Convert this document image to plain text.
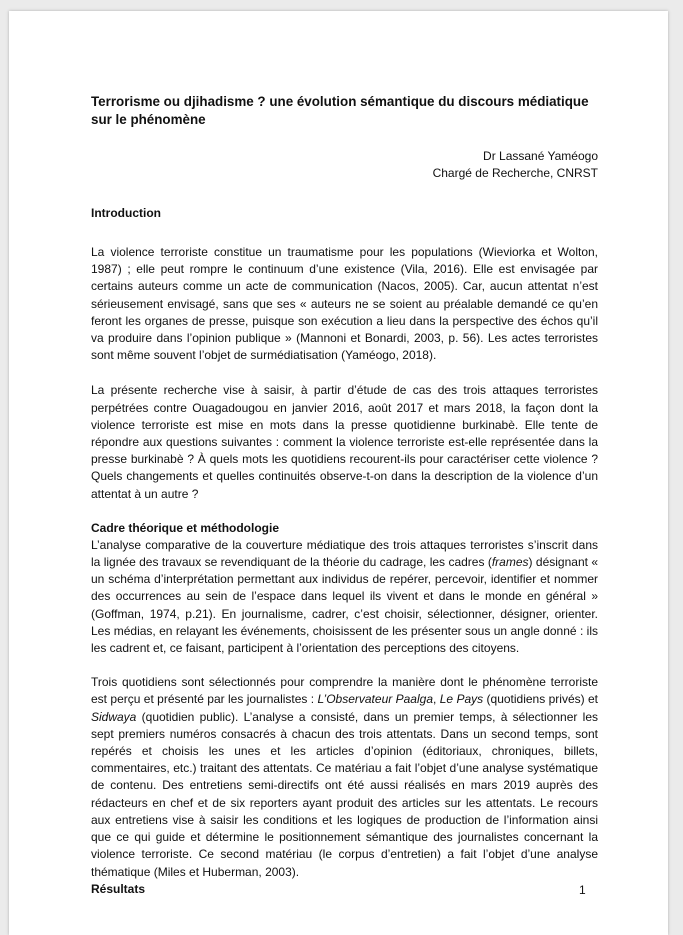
Terrorisme ou djihadisme ? une évolution sémantique du discours médiatique sur le phénomène
Dr Lassané Yaméogo
Chargé de Recherche, CNRST
Introduction

La violence terroriste constitue un traumatisme pour les populations (Wieviorka et Wolton, 1987) ; elle peut rompre le continuum d’une existence (Vila, 2016). Elle est envisagée par certains auteurs comme un acte de communication (Nacos, 2005). Car, aucun attentat n’est sérieusement envisagé, sans que ses « auteurs ne se soient au préalable demandé ce qu’en feront les organes de presse, puisque son exécution a lieu dans la perspective des échos qu’il va produire dans l’opinion publique » (Mannoni et Bonardi, 2003, p. 56). Les actes terroristes sont même souvent l’objet de surmédiatisation (Yaméogo, 2018).

La présente recherche vise à saisir, à partir d’étude de cas des trois attaques terroristes perpétrées contre Ouagadougou en janvier 2016, août 2017 et mars 2018, la façon dont la violence terroriste est mise en mots dans la presse quotidienne burkinabè. Elle tente de répondre aux questions suivantes : comment la violence terroriste est-elle représentée dans la presse burkinabè ? À quels mots les quotidiens recourent-ils pour caractériser cette violence ? Quels changements et quelles continuités observe-t-on dans la description de la violence d’un attentat à un autre ?

Cadre théorique et méthodologie

L’analyse comparative de la couverture médiatique des trois attaques terroristes s’inscrit dans la lignée des travaux se revendiquant de la théorie du cadrage, les cadres (frames) désignant « un schéma d’interprétation permettant aux individus de repérer, percevoir, identifier et nommer des occurrences au sein de l’espace dans lequel ils vivent et dans le monde en général » (Goffman, 1974, p.21). En journalisme, cadrer, c’est choisir, sélectionner, désigner, orienter. Les médias, en relayant les événements, choisissent de les présenter sous un angle donné : ils les cadrent et, ce faisant, participent à l’orientation des perceptions des citoyens.

Trois quotidiens sont sélectionnés pour comprendre la manière dont le phénomène terroriste est perçu et présenté par les journalistes : L’Observateur Paalga, Le Pays (quotidiens privés) et Sidwaya (quotidien public). L’analyse a consisté, dans un premier temps, à sélectionner les sept premiers numéros consacrés à chacun des trois attentats. Dans un second temps, sont repérés et choisis les unes et les articles d’opinion (éditoriaux, chroniques, billets, commentaires, etc.) traitant des attentats. Ce matériau a fait l’objet d’une analyse systématique de contenu. Des entretiens semi-directifs ont été aussi réalisés en mars 2019 auprès des rédacteurs en chef et de six reporters ayant produit des articles sur les attentats. Le recours aux entretiens vise à saisir les conditions et les logiques de production de l’information ainsi que ce qui guide et détermine le positionnement sémantique des journalistes concernant la violence terroriste. Ce second matériau (le corpus d’entretien) a fait l’objet d’une analyse thématique (Miles et Huberman, 2003).

Résultats	1
